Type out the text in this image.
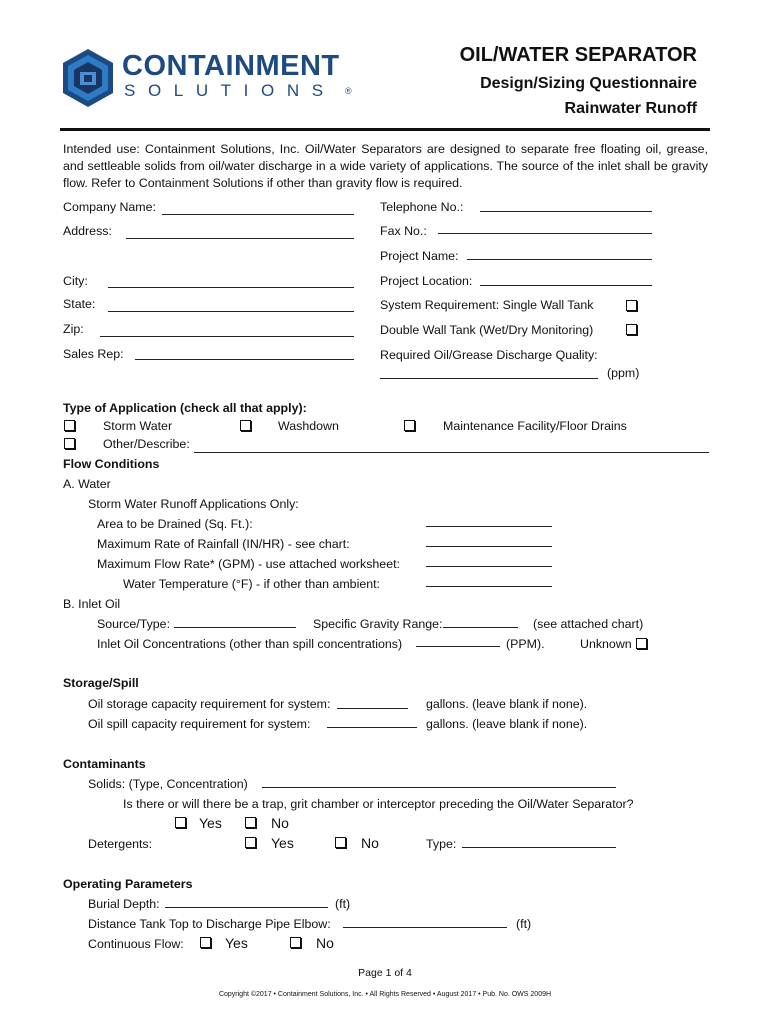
CONTAINMENT
SOLUTIONS ®
OIL/WATER SEPARATOR
Design/Sizing Questionnaire
Rainwater Runoff
Intended use: Containment Solutions, Inc. Oil/Water Separators are designed to separate free floating oil, grease, and settleable solids from oil/water discharge in a wide variety of applications. The source of the inlet shall be gravity flow. Refer to Containment Solutions if other than gravity flow is required.
Company Name:	Telephone No.:
Address:	Fax No.:
Project Name:
City:	Project Location:
State:	System Requirement: Single Wall Tank
Zip:	Double Wall Tank (Wet/Dry Monitoring)
Sales Rep:	Required Oil/Grease Discharge Quality:
(ppm)
Type of Application (check all that apply):
Storm Water	Washdown	Maintenance Facility/Floor Drains
Other/Describe:
Flow Conditions
A. Water
Storm Water Runoff Applications Only:
Area to be Drained (Sq. Ft.):
Maximum Rate of Rainfall (IN/HR) - see chart:
Maximum Flow Rate* (GPM) - use attached worksheet:
Water Temperature (°F) - if other than ambient:
B. Inlet Oil
Source/Type:	Specific Gravity Range:	(see attached chart)
Inlet Oil Concentrations (other than spill concentrations)	(PPM).	Unknown
Storage/Spill
Oil storage capacity requirement for system:	gallons. (leave blank if none).
Oil spill capacity requirement for system:	gallons. (leave blank if none).
Contaminants
Solids: (Type, Concentration)
Is there or will there be a trap, grit chamber or interceptor preceding the Oil/Water Separator?
Yes	No
Detergents:	Yes	No	Type:
Operating Parameters
Burial Depth:	(ft)
Distance Tank Top to Discharge Pipe Elbow:	(ft)
Continuous Flow:	Yes	No
Page 1 of 4
Copyright ©2017 • Containment Solutions, Inc. • All Rights Reserved • August 2017 • Pub. No. OWS 2009H
